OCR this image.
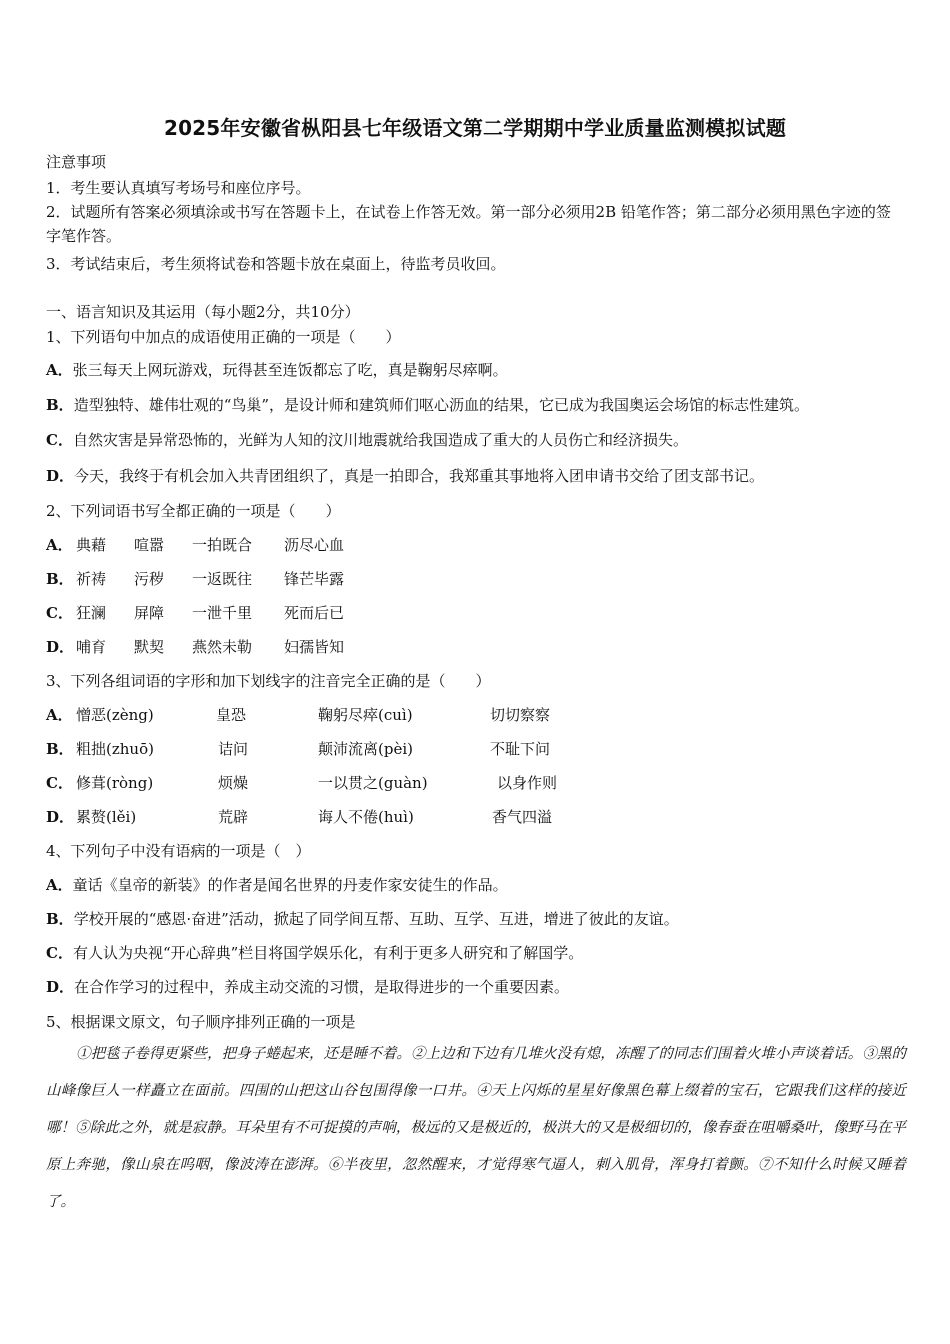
2025年安徽省枞阳县七年级语文第二学期期中学业质量监测模拟试题
注意事项
1．考生要认真填写考场号和座位序号。
2．试题所有答案必须填涂或书写在答题卡上，在试卷上作答无效。第一部分必须用2B 铅笔作答；第二部分必须用黑色字迹的签字笔作答。
3．考试结束后，考生须将试卷和答题卡放在桌面上，待监考员收回。
一、语言知识及其运用（每小题2分，共10分）
1、下列语句中加点的成语使用正确的一项是（　　）
A．张三每天上网玩游戏，玩得甚至连饭都忘了吃，真是鞠躬尽瘁啊。
B．造型独特、雄伟壮观的“鸟巢”，是设计师和建筑师们呕心沥血的结果，它已成为我国奥运会场馆的标志性建筑。
C．自然灾害是异常恐怖的，光鲜为人知的汶川地震就给我国造成了重大的人员伤亡和经济损失。
D．今天，我终于有机会加入共青团组织了，真是一拍即合，我郑重其事地将入团申请书交给了团支部书记。
2、下列词语书写全都正确的一项是（　　）
A． 典藉 喧嚣 一拍既合 沥尽心血
B． 祈祷 污秽 一返既往 锋芒毕露
C． 狂澜 屏障 一泄千里 死而后已
D． 哺育 默契 燕然未勒 妇孺皆知
3、下列各组词语的字形和加下划线字的注音完全正确的是（　　）
A． 憎恶(zèng)	皇恐	鞠躬尽瘁(cuì)	切切察察
B． 粗拙(zhuō)	诘问	颠沛流离(pèi)	不耻下问
C． 修葺(ròng)	烦燥	一以贯之(guàn)	以身作则
D． 累赘(lěi)	荒辟	诲人不倦(huì)	香气四溢
4、下列句子中没有语病的一项是（　）
A．童话《皇帝的新装》的作者是闻名世界的丹麦作家安徒生的作品。
B．学校开展的“感恩·奋进”活动，掀起了同学间互帮、互助、互学、互进，增进了彼此的友谊。
C．有人认为央视“开心辞典”栏目将国学娱乐化，有利于更多人研究和了解国学。
D．在合作学习的过程中，养成主动交流的习惯，是取得进步的一个重要因素。
5、根据课文原文，句子顺序排列正确的一项是
①把毯子卷得更紧些，把身子蜷起来，还是睡不着。②上边和下边有几堆火没有熄，冻醒了的同志们围着火堆小声谈着话。③黑的山峰像巨人一样矗立在面前。四围的山把这山谷包围得像一口井。④天上闪烁的星星好像黑色幕上缀着的宝石，它跟我们这样的接近哪！⑤除此之外，就是寂静。耳朵里有不可捉摸的声响，极远的又是极近的，极洪大的又是极细切的，像春蚕在咀嚼桑叶，像野马在平原上奔驰，像山泉在呜咽，像波涛在澎湃。⑥半夜里，忽然醒来，才觉得寒气逼人，刺入肌骨，浑身打着颤。⑦不知什么时候又睡着了。
